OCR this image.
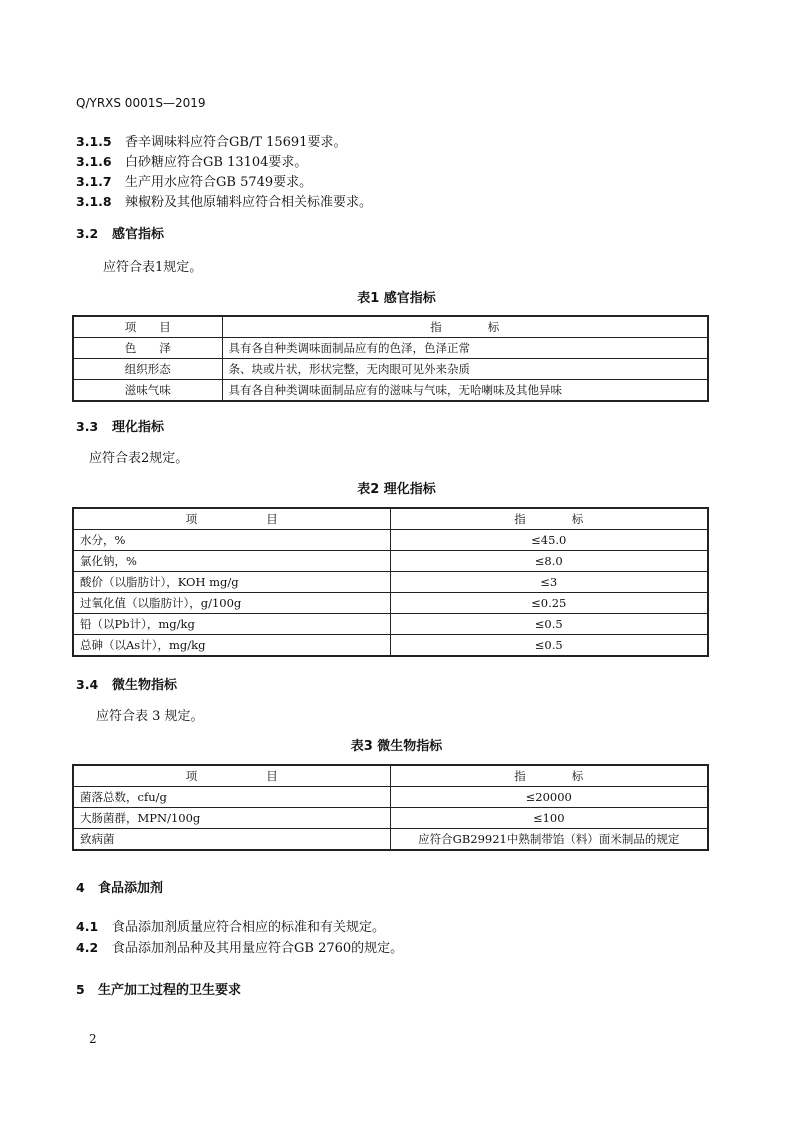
Q/YRXS 0001S—2019
3.1.5 香辛调味料应符合GB/T 15691要求。
3.1.6 白砂糖应符合GB 13104要求。
3.1.7 生产用水应符合GB 5749要求。
3.1.8 辣椒粉及其他原辅料应符合相关标准要求。
3.2 感官指标
应符合表1规定。
表1 感官指标
项　　目	指　　　　标
色　　泽	具有各自种类调味面制品应有的色泽，色泽正常
组织形态	条、块或片状，形状完整，无肉眼可见外来杂质
滋味气味	具有各自种类调味面制品应有的滋味与气味，无哈喇味及其他异味
3.3 理化指标
应符合表2规定。
表2 理化指标
项　　　　　　目	指　　　　标
水分，%	≤45.0
氯化钠，%	≤8.0
酸价（以脂肪计），KOH mg/g	≤3
过氧化值（以脂肪计），g/100g	≤0.25
铅（以Pb计），mg/kg	≤0.5
总砷（以As计），mg/kg	≤0.5
3.4 微生物指标
应符合表 3 规定。
表3 微生物指标
项　　　　　　目	指　　　　标
菌落总数，cfu/g	≤20000
大肠菌群，MPN/100g	≤100
致病菌	应符合GB29921中熟制带馅（料）面米制品的规定
4 食品添加剂
4.1 食品添加剂质量应符合相应的标准和有关规定。
4.2 食品添加剂品种及其用量应符合GB 2760的规定。
5 生产加工过程的卫生要求
2
